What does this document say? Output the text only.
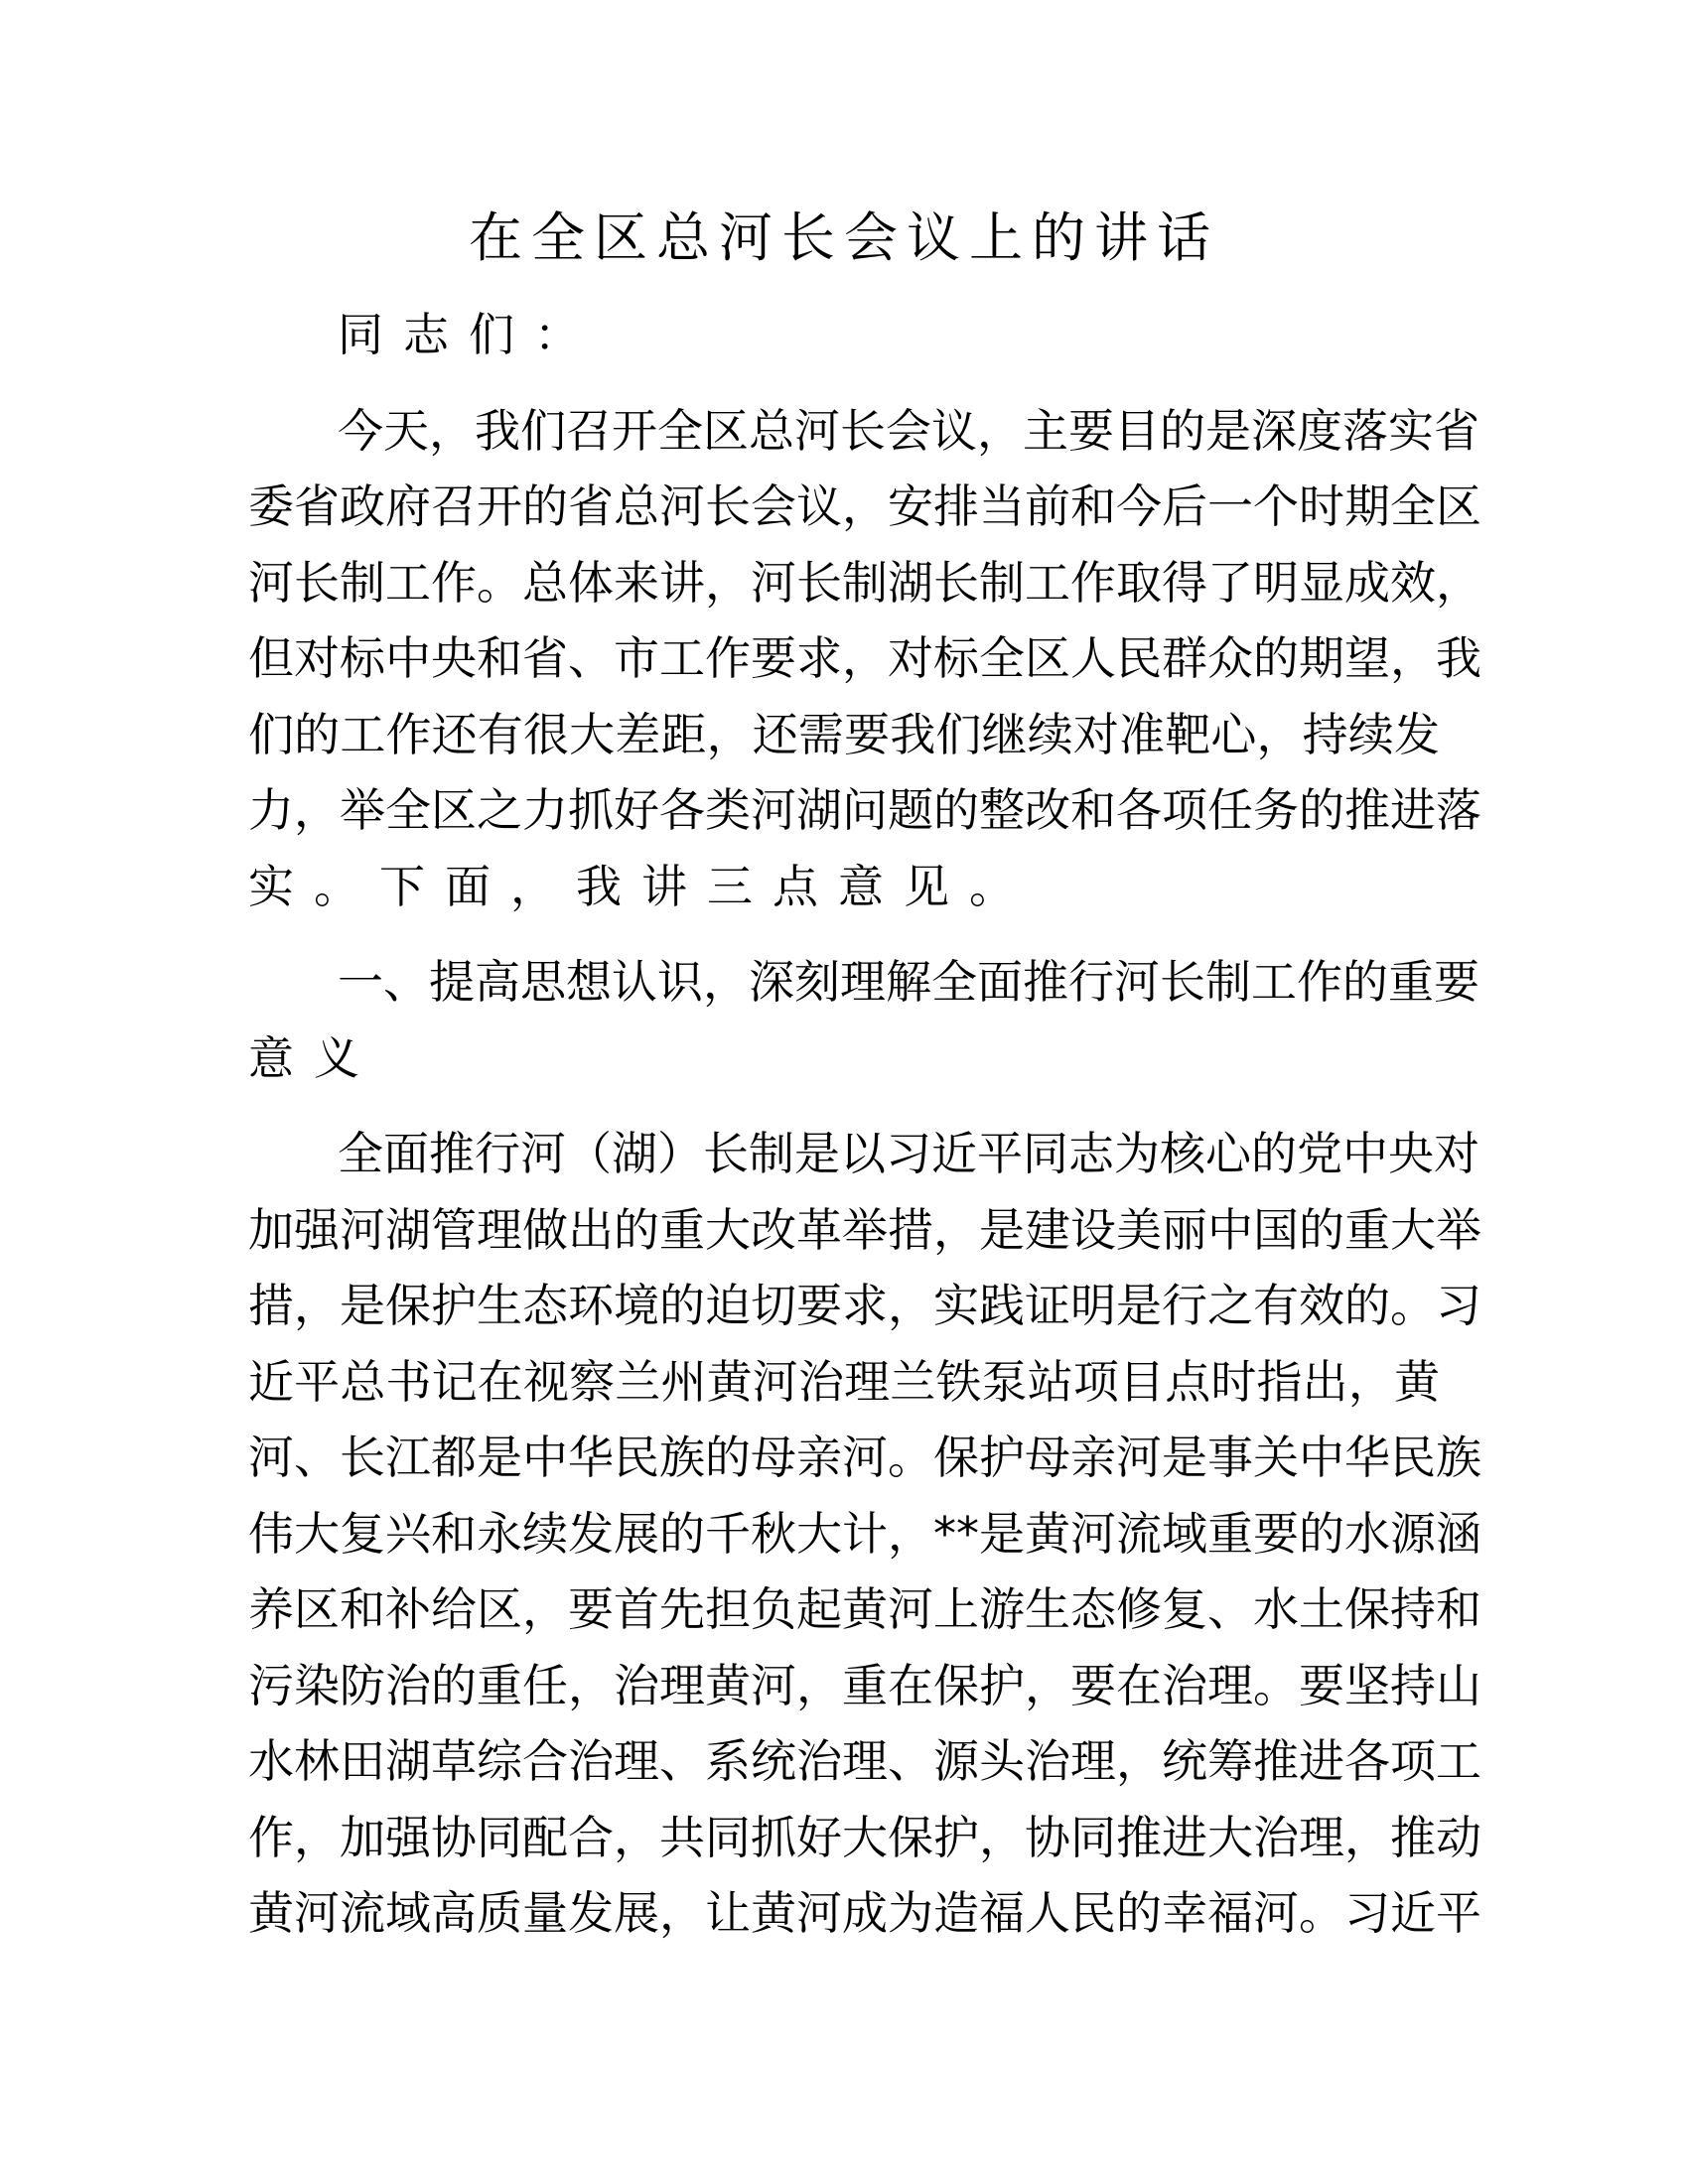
在全区总河长会议上的讲话
同志们：
今天，我们召开全区总河长会议，主要目的是深度落实省
委省政府召开的省总河长会议，安排当前和今后一个时期全区
河长制工作。总体来讲，河长制湖长制工作取得了明显成效，
但对标中央和省、市工作要求，对标全区人民群众的期望，我
们的工作还有很大差距，还需要我们继续对准靶心，持续发
力，举全区之力抓好各类河湖问题的整改和各项任务的推进落
实。下面，我讲三点意见。
一、提高思想认识，深刻理解全面推行河长制工作的重要
意义
全面推行河（湖）长制是以习近平同志为核心的党中央对
加强河湖管理做出的重大改革举措，是建设美丽中国的重大举
措，是保护生态环境的迫切要求，实践证明是行之有效的。习
近平总书记在视察兰州黄河治理兰铁泵站项目点时指出，黄
河、长江都是中华民族的母亲河。保护母亲河是事关中华民族
伟大复兴和永续发展的千秋大计，**是黄河流域重要的水源涵
养区和补给区，要首先担负起黄河上游生态修复、水土保持和
污染防治的重任，治理黄河，重在保护，要在治理。要坚持山
水林田湖草综合治理、系统治理、源头治理，统筹推进各项工
作，加强协同配合，共同抓好大保护，协同推进大治理，推动
黄河流域高质量发展，让黄河成为造福人民的幸福河。习近平
